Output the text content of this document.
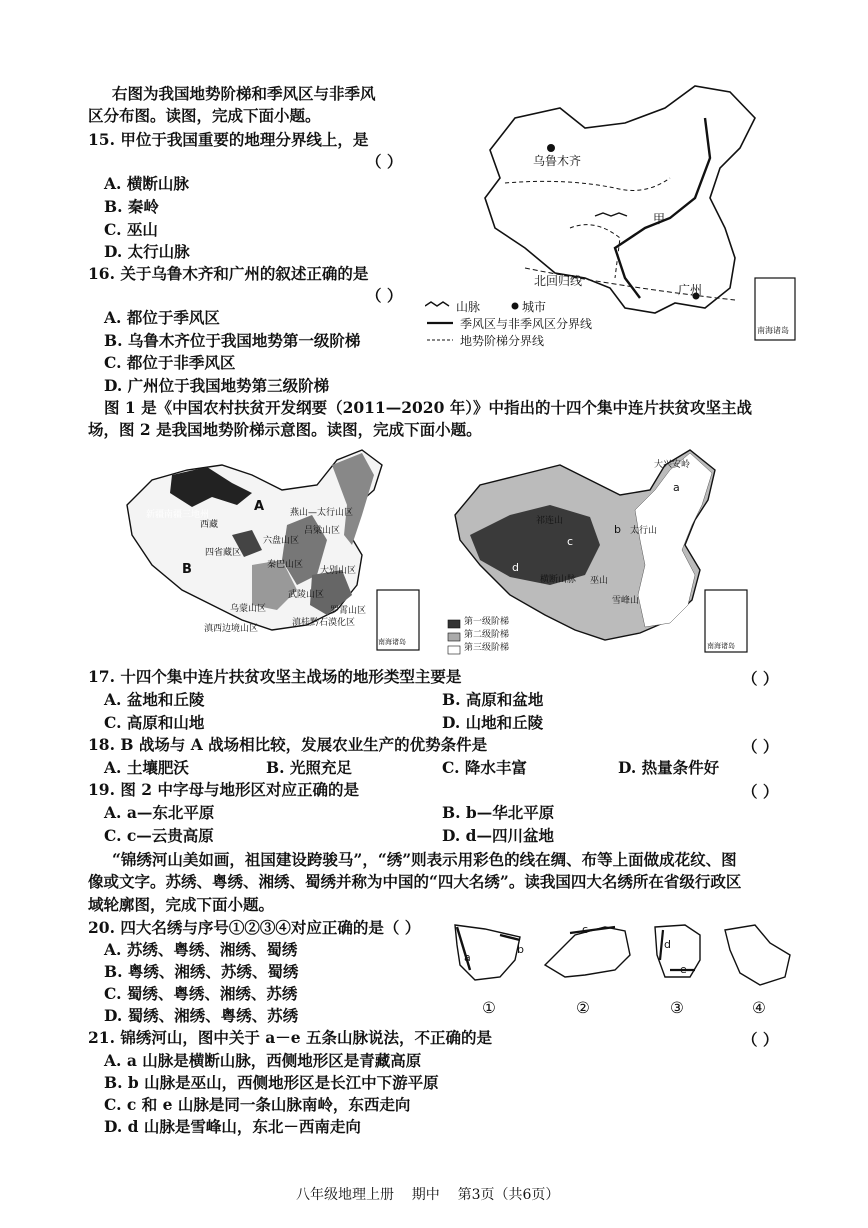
右图为我国地势阶梯和季风区与非季风
区分布图。读图，完成下面小题。
15. 甲位于我国重要的地理分界线上，是
（ ）
A. 横断山脉
B. 秦岭
C. 巫山
D. 太行山脉
16. 关于乌鲁木齐和广州的叙述正确的是
（ ）
A. 都位于季风区
B. 乌鲁木齐位于我国地势第一级阶梯
C. 都位于非季风区
D. 广州位于我国地势第三级阶梯
乌鲁木齐
甲
北回归线
广州
南海诸岛
山脉	城市
季风区与非季风区分界线
地势阶梯分界线
图 1 是《中国农村扶贫开发纲要（2011—2020 年）》中指出的十四个集中连片扶贫攻坚主战
场，图 2 是我国地势阶梯示意图。读图，完成下面小题。
新疆南疆三地州	燕山—太行山区
六盘山区
吕梁山区
秦巴山区
大别山区
乌蒙山区
武陵山区
滇桂黔石漠化区
罗霄山区
滇西边境山区
西藏
四省藏区
A
B
南海诸岛
大兴安岭
a
祁连山
b 太行山
c
d
横断山脉 巫山
雪峰山
第一级阶梯
第二级阶梯
第三级阶梯	南海诸岛
17. 十四个集中连片扶贫攻坚主战场的地形类型主要是	（ ）
A. 盆地和丘陵	B. 高原和盆地
C. 高原和山地	D. 山地和丘陵
18. B 战场与 A 战场相比较，发展农业生产的优势条件是	（ ）
A. 土壤肥沃	B. 光照充足	C. 降水丰富	D. 热量条件好
19. 图 2 中字母与地形区对应正确的是	（ ）
A. a—东北平原	B. b—华北平原
C. c—云贵高原	D. d—四川盆地
“锦绣河山美如画，祖国建设跨骏马”，“绣”则表示用彩色的线在绸、布等上面做成花纹、图
像或文字。苏绣、粤绣、湘绣、蜀绣并称为中国的“四大名绣”。读我国四大名绣所在省级行政区
域轮廓图，完成下面小题。
20. 四大名绣与序号①②③④对应正确的是（ ）
A. 苏绣、粤绣、湘绣、蜀绣
B. 粤绣、湘绣、苏绣、蜀绣
C. 蜀绣、粤绣、湘绣、苏绣
D. 蜀绣、湘绣、粤绣、苏绣
a
b
c
d
e
①	②	③	④
21. 锦绣河山，图中关于 a－e 五条山脉说法，不正确的是	（ ）
A. a 山脉是横断山脉，西侧地形区是青藏高原
B. b 山脉是巫山，西侧地形区是长江中下游平原
C. c 和 e 山脉是同一条山脉南岭，东西走向
D. d 山脉是雪峰山，东北－西南走向
八年级地理上册    期中    第3页（共6页）
